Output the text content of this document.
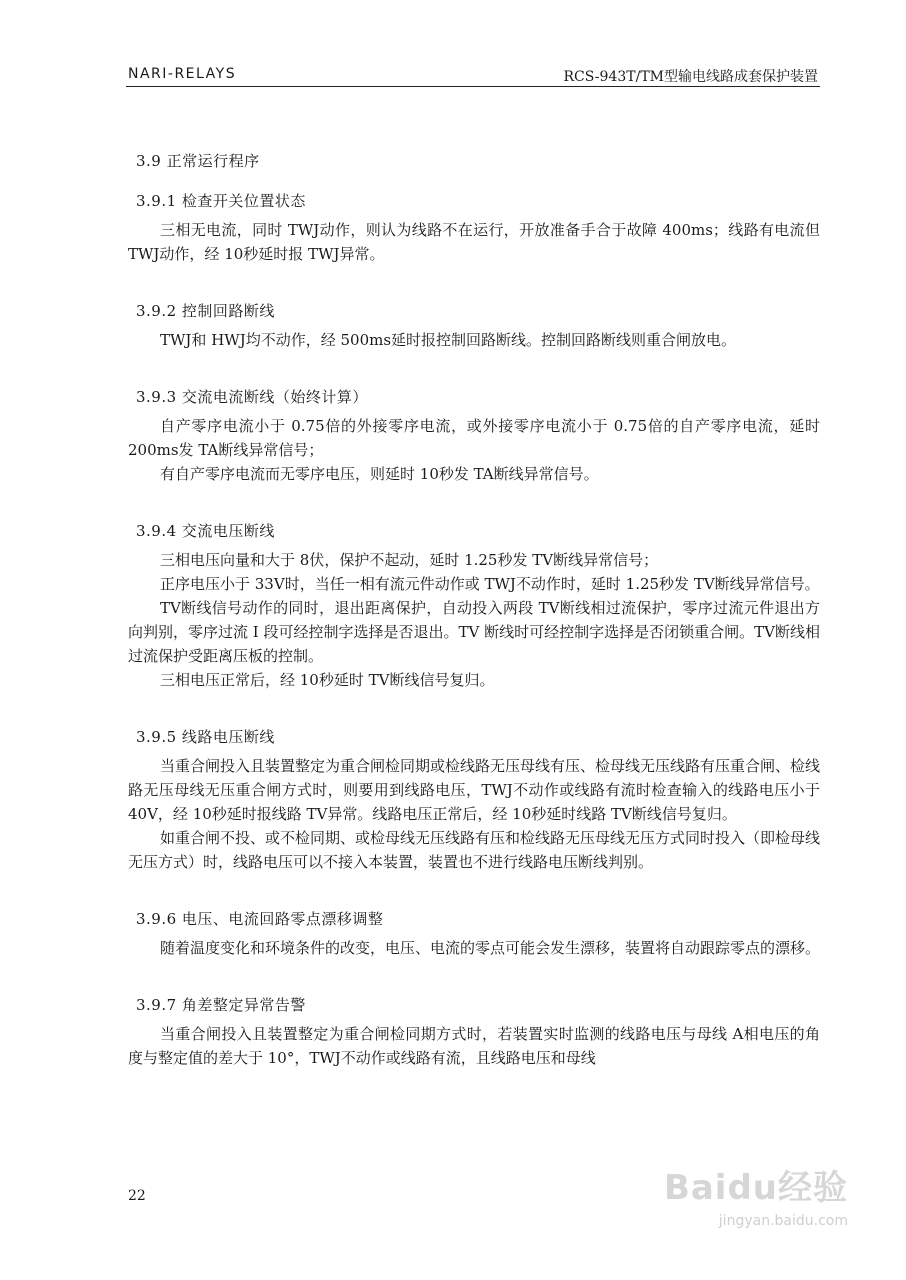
NARI-RELAYS	RCS-943T/TM型输电线路成套保护装置
3.9 正常运行程序
3.9.1 检查开关位置状态

三相无电流，同时 TWJ动作，则认为线路不在运行，开放准备手合于故障 400ms；线路有电流但 TWJ动作，经 10秒延时报 TWJ异常。

3.9.2 控制回路断线

TWJ和 HWJ均不动作，经 500ms延时报控制回路断线。控制回路断线则重合闸放电。

3.9.3 交流电流断线（始终计算）

自产零序电流小于 0.75倍的外接零序电流，或外接零序电流小于 0.75倍的自产零序电流，延时 200ms发 TA断线异常信号；

有自产零序电流而无零序电压，则延时 10秒发 TA断线异常信号。

3.9.4 交流电压断线

三相电压向量和大于 8伏，保护不起动，延时 1.25秒发 TV断线异常信号；

正序电压小于 33V时，当任一相有流元件动作或 TWJ不动作时，延时 1.25秒发 TV断线异常信号。

TV断线信号动作的同时，退出距离保护，自动投入两段 TV断线相过流保护，零序过流元件退出方向判别，零序过流 I 段可经控制字选择是否退出。TV 断线时可经控制字选择是否闭锁重合闸。TV断线相过流保护受距离压板的控制。

三相电压正常后，经 10秒延时 TV断线信号复归。

3.9.5 线路电压断线

当重合闸投入且装置整定为重合闸检同期或检线路无压母线有压、检母线无压线路有压重合闸、检线路无压母线无压重合闸方式时，则要用到线路电压，TWJ不动作或线路有流时检查输入的线路电压小于 40V，经 10秒延时报线路 TV异常。线路电压正常后，经 10秒延时线路 TV断线信号复归。

如重合闸不投、或不检同期、或检母线无压线路有压和检线路无压母线无压方式同时投入（即检母线无压方式）时，线路电压可以不接入本装置，装置也不进行线路电压断线判别。

3.9.6 电压、电流回路零点漂移调整

随着温度变化和环境条件的改变，电压、电流的零点可能会发生漂移，装置将自动跟踪零点的漂移。

3.9.7 角差整定异常告警

当重合闸投入且装置整定为重合闸检同期方式时，若装置实时监测的线路电压与母线 A相电压的角度与整定值的差大于 10°，TWJ不动作或线路有流，且线路电压和母线

22	Baidu经验
jingyan.baidu.com
